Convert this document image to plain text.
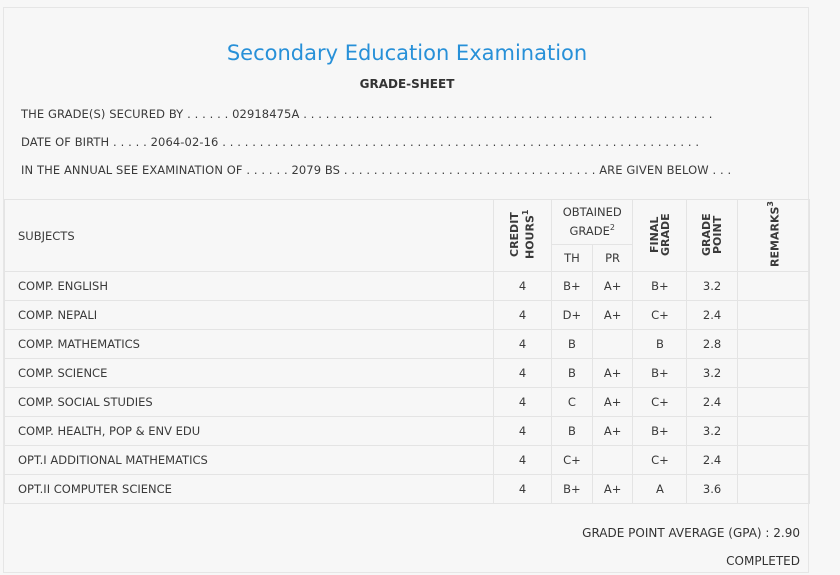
Secondary Education Examination
GRADE-SHEET
THE GRADE(S) SECURED BY . . . . . . 02918475A . . . . . . . . . . . . . . . . . . . . . . . . . . . . . . . . . . . . . . . . . . . . . . . . . . . . . . .
DATE OF BIRTH . . . . . 2064-02-16 . . . . . . . . . . . . . . . . . . . . . . . . . . . . . . . . . . . . . . . . . . . . . . . . . . . . . . . . . . . . . . . .
IN THE ANNUAL SEE EXAMINATION OF . . . . . . 2079 BS . . . . . . . . . . . . . . . . . . . . . . . . . . . . . . . . . . ARE GIVEN BELOW . . .
SUBJECTS	CREDIT HOURS$^1$	OBTAINED GRADE$^2$		FINAL GRADE	GRADE POINT	REMARKS$^3$
		TH	PR			
COMP. ENGLISH	4	B+	A+	B+	3.2	
COMP. NEPALI	4	D+	A+	C+	2.4	
COMP. MATHEMATICS	4	B		B	2.8	
COMP. SCIENCE	4	B	A+	B+	3.2	
COMP. SOCIAL STUDIES	4	C	A+	C+	2.4	
COMP. HEALTH, POP & ENV EDU	4	B	A+	B+	3.2	
OPT.I ADDITIONAL MATHEMATICS	4	C+		C+	2.4	
OPT.II COMPUTER SCIENCE	4	B+	A+	A	3.6	
GRADE POINT AVERAGE (GPA) : 2.90
COMPLETED
